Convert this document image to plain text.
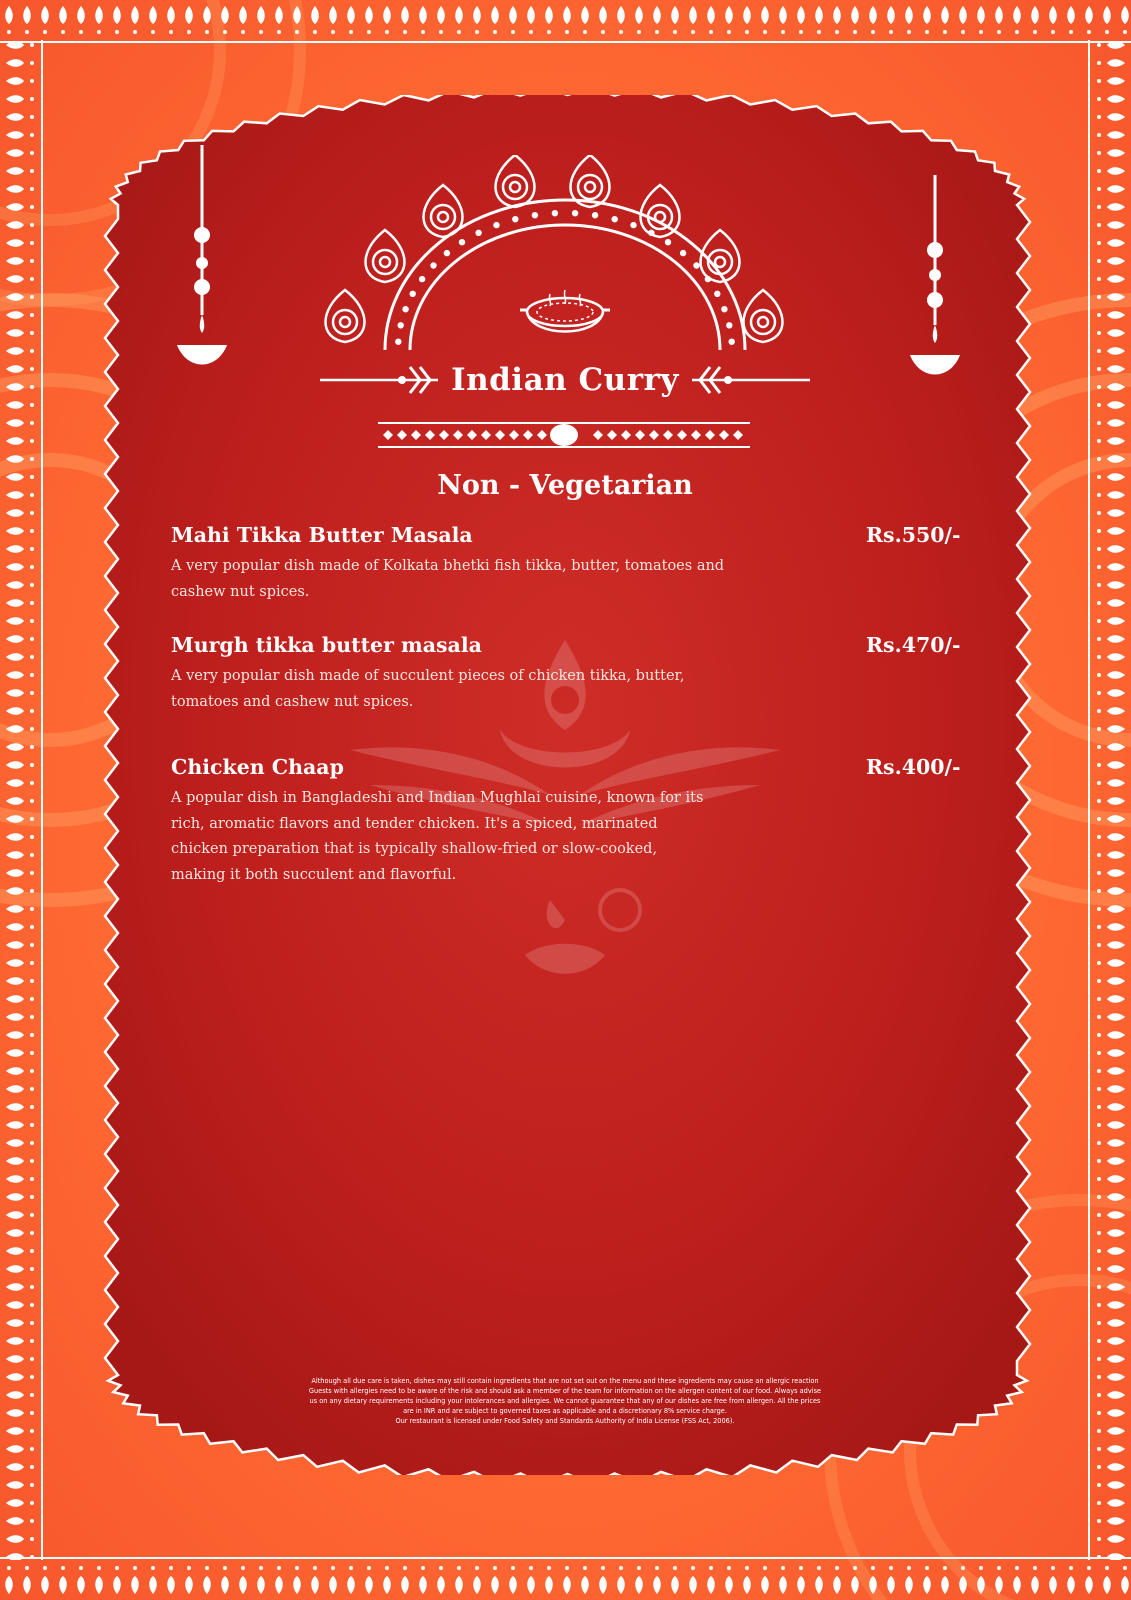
Indian Curry
Non - Vegetarian
Mahi Tikka Butter Masala	Rs.550/-
A very popular dish made of Kolkata bhetki fish tikka, butter, tomatoes and cashew nut spices.
Murgh tikka butter masala	Rs.470/-
A very popular dish made of succulent pieces of chicken tikka, butter, tomatoes and cashew nut spices.
Chicken Chaap	Rs.400/-
A popular dish in Bangladeshi and Indian Mughlai cuisine, known for its rich, aromatic flavors and tender chicken. It's a spiced, marinated chicken preparation that is typically shallow-fried or slow-cooked, making it both succulent and flavorful.
Although all due care is taken, dishes may still contain ingredients that are not set out on the menu and these ingredients may cause an allergic reaction
Guests with allergies need to be aware of the risk and should ask a member of the team for information on the allergen content of our food. Always advise
us on any dietary requirements including your intolerances and allergies. We cannot guarantee that any of our dishes are free from allergen. All the prices
are in INR and are subject to governed taxes as applicable and a discretionary 8% service charge.
Our restaurant is licensed under Food Safety and Standards Authority of India License (FSS Act, 2006).
